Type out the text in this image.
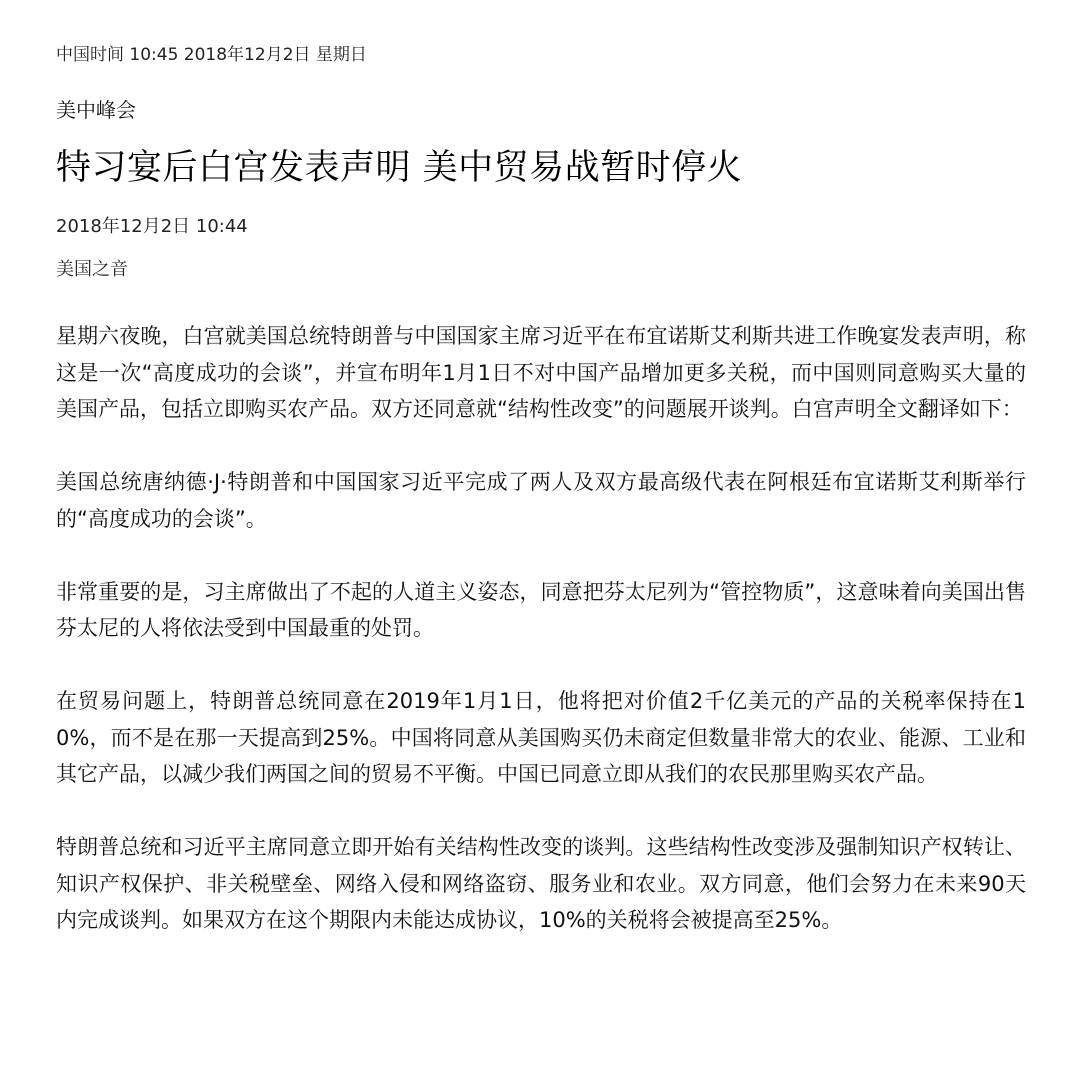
中国时间 10:45 2018年12月2日 星期日
美中峰会
特习宴后白宫发表声明 美中贸易战暂时停火
2018年12月2日 10:44
美国之音

星期六夜晚，白宫就美国总统特朗普与中国国家主席习近平在布宜诺斯艾利斯共进工作晚宴发表声明，称这是一次“高度成功的会谈”，并宣布明年1月1日不对中国产品增加更多关税，而中国则同意购买大量的美国产品，包括立即购买农产品。双方还同意就“结构性改变”的问题展开谈判。白宫声明全文翻译如下：

美国总统唐纳德·J·特朗普和中国国家习近平完成了两人及双方最高级代表在阿根廷布宜诺斯艾利斯举行的“高度成功的会谈”。

非常重要的是，习主席做出了不起的人道主义姿态，同意把芬太尼列为“管控物质”，这意味着向美国出售芬太尼的人将依法受到中国最重的处罚。

在贸易问题上，特朗普总统同意在2019年1月1日，他将把对价值2千亿美元的产品的关税率保持在10%，而不是在那一天提高到25%。中国将同意从美国购买仍未商定但数量非常大的农业、能源、工业和其它产品，以减少我们两国之间的贸易不平衡。中国已同意立即从我们的农民那里购买农产品。

特朗普总统和习近平主席同意立即开始有关结构性改变的谈判。这些结构性改变涉及强制知识产权转让、知识产权保护、非关税壁垒、网络入侵和网络盗窃、服务业和农业。双方同意，他们会努力在未来90天内完成谈判。如果双方在这个期限内未能达成协议，10%的关税将会被提高至25%。
